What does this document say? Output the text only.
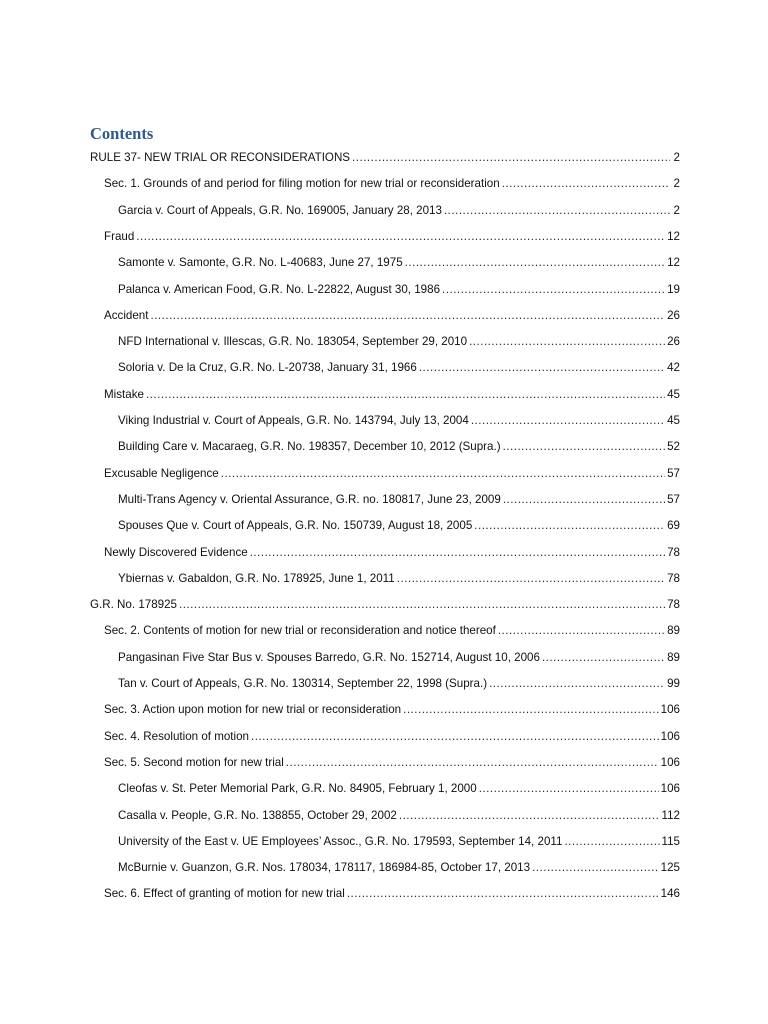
Contents
RULE 37- NEW TRIAL OR RECONSIDERATIONS .....	2
Sec. 1. Grounds of and period for filing motion for new trial or reconsideration .....	2
Garcia v. Court of Appeals, G.R. No. 169005, January 28, 2013 .....	2
Fraud .....	12
Samonte v. Samonte, G.R. No. L-40683, June 27, 1975 .....	12
Palanca v. American Food, G.R. No. L-22822, August 30, 1986 .....	19
Accident .....	26
NFD International v. Illescas, G.R. No. 183054, September 29, 2010 .....	26
Soloria v. De la Cruz, G.R. No. L-20738, January 31, 1966 .....	42
Mistake .....	45
Viking Industrial v. Court of Appeals, G.R. No. 143794, July 13, 2004 .....	45
Building Care v. Macaraeg, G.R. No. 198357, December 10, 2012 (Supra.) .....	52
Excusable Negligence .....	57
Multi-Trans Agency v. Oriental Assurance, G.R. no. 180817, June 23, 2009 .....	57
Spouses Que v. Court of Appeals, G.R. No. 150739, August 18, 2005 .....	69
Newly Discovered Evidence .....	78
Ybiernas v. Gabaldon, G.R. No. 178925, June 1, 2011 .....	78
G.R. No. 178925 .....	78
Sec. 2. Contents of motion for new trial or reconsideration and notice thereof .....	89
Pangasinan Five Star Bus v. Spouses Barredo, G.R. No. 152714, August 10, 2006 .....	89
Tan v. Court of Appeals, G.R. No. 130314, September 22, 1998 (Supra.) .....	99
Sec. 3. Action upon motion for new trial or reconsideration .....	106
Sec. 4. Resolution of motion .....	106
Sec. 5. Second motion for new trial .....	106
Cleofas v. St. Peter Memorial Park, G.R. No. 84905, February 1, 2000 .....	106
Casalla v. People, G.R. No. 138855, October 29, 2002 .....	112
University of the East v. UE Employees’ Assoc., G.R. No. 179593, September 14, 2011 .....	115
McBurnie v. Guanzon, G.R. Nos. 178034, 178117, 186984-85, October 17, 2013 .....	125
Sec. 6. Effect of granting of motion for new trial .....	146
